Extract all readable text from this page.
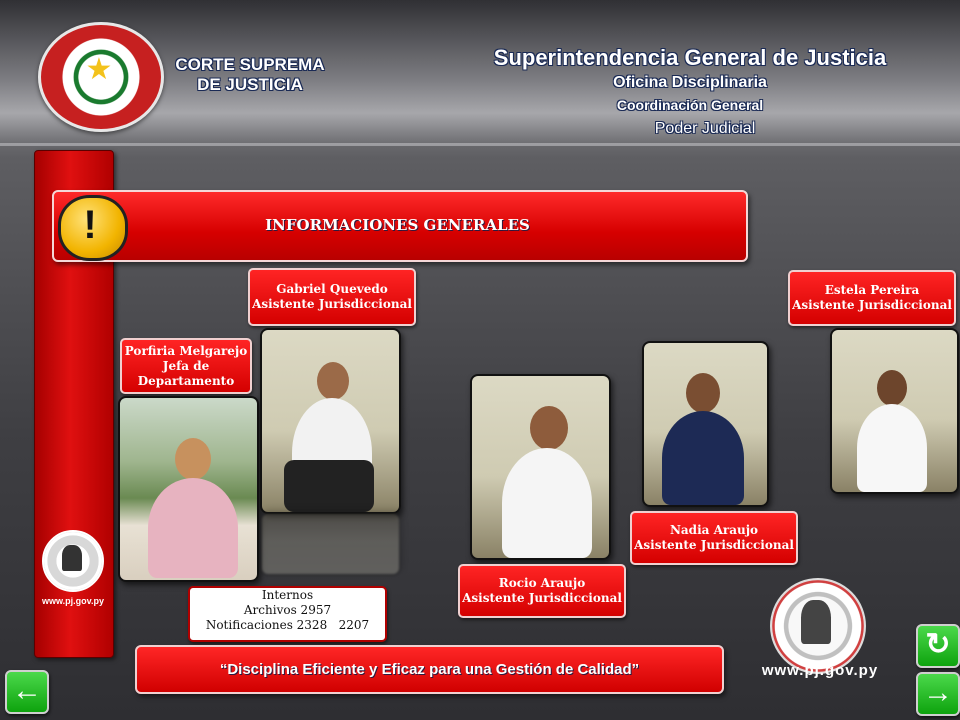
★	CORTE SUPREMA
DE JUSTICIA
Superintendencia General de Justicia
Oficina Disciplinaria
Coordinación General
Poder Judicial
www.pj.gov.py
!	INFORMACIONES GENERALES
Porfiria Melgarejo
Jefa de
Departamento
Gabriel Quevedo
Asistente Jurisdiccional
Rocio Araujo
Asistente Jurisdiccional
Nadia Araujo
Asistente Jurisdiccional
Estela Pereira
Asistente Jurisdiccional
Internos
Archivos 2957
Notificaciones 2328   2207
“Disciplina Eficiente y Eficaz para una Gestión de Calidad”	www.pj.gov.py
←
↻
→
